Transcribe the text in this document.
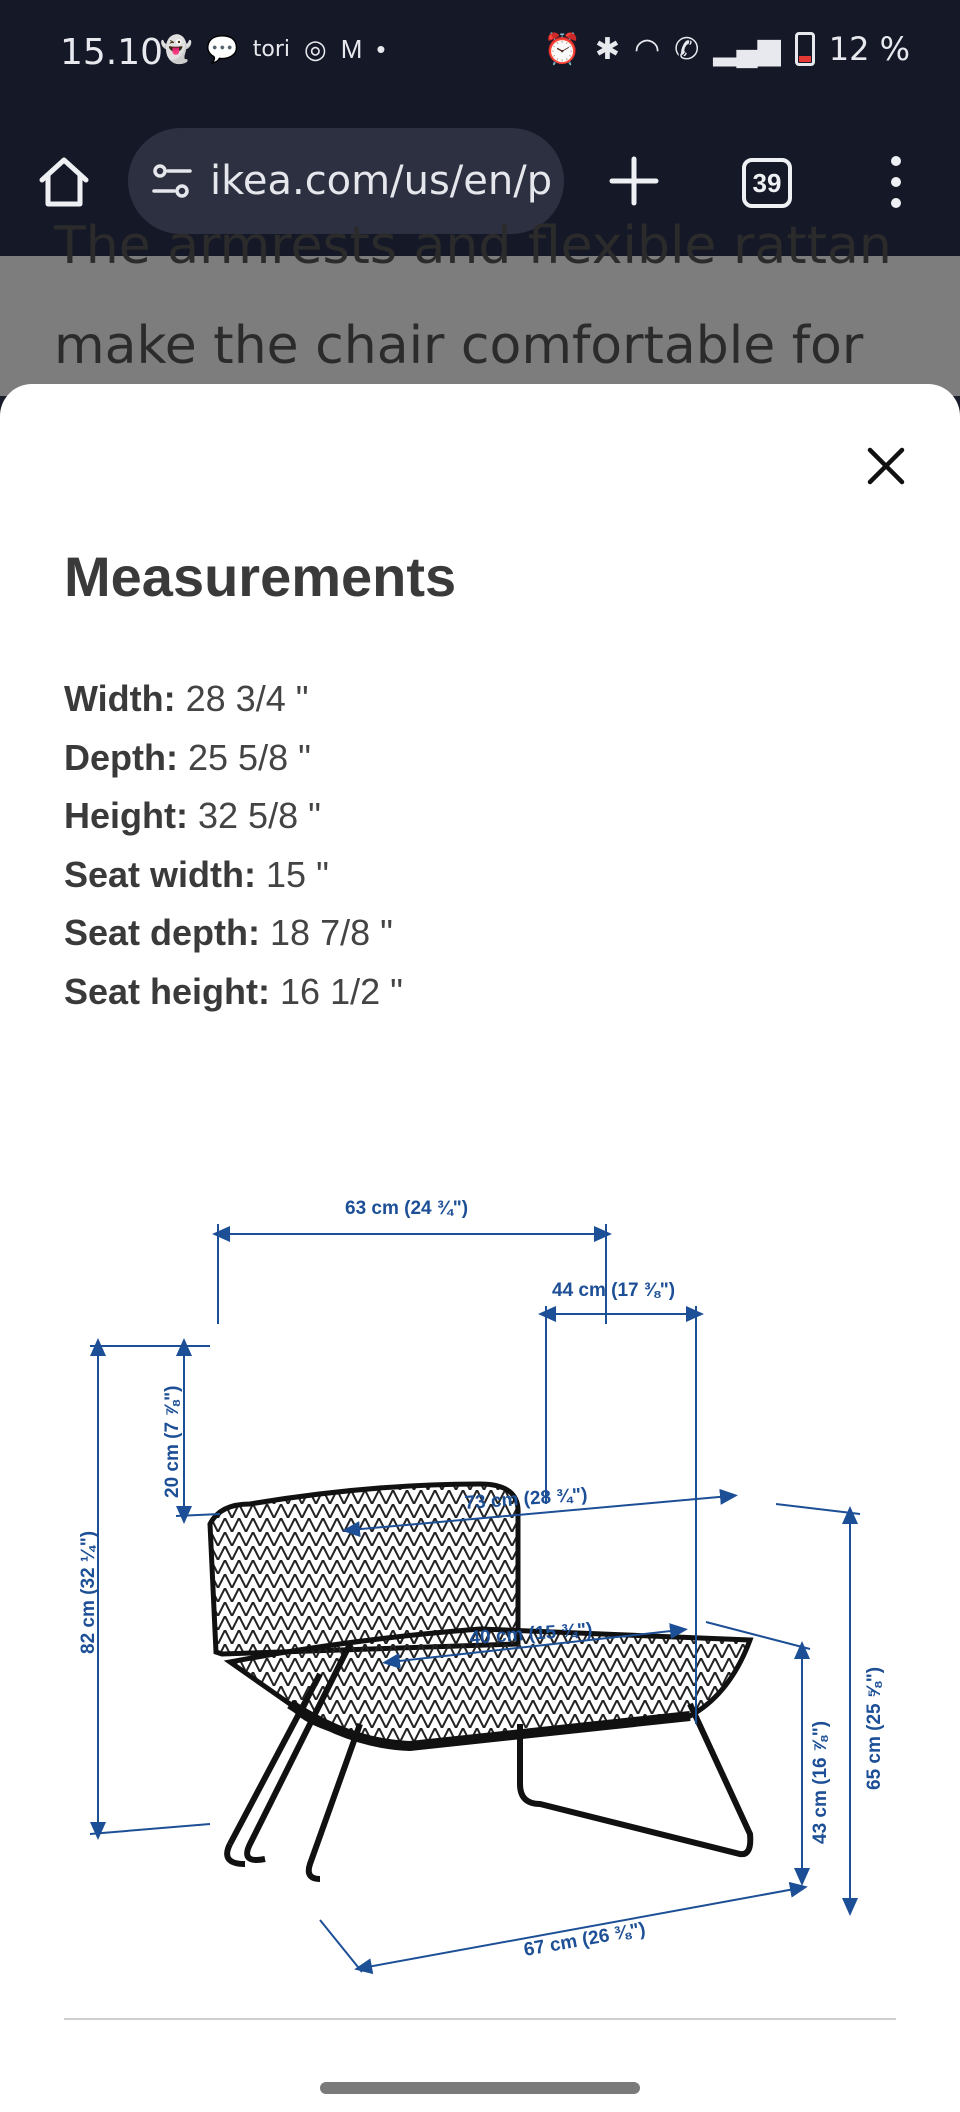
15.10
👻 💬 tori ◎ M •	⏰ ✱ ◠ ✆ ▂▄▆ 12 %
ikea.com/us/en/p	39

The armrests and flexible rattan

make the chair comfortable for

Measurements
Width: 28 3/4 "
Depth: 25 5/8 "
Height: 32 5/8 "
Seat width: 15 "
Seat depth: 18 7/8 "
Seat height: 16 1/2 "
63 cm (24 ¾")
44 cm (17 ⅜")
82 cm (32 ¼")
20 cm (7 ⅞")
73 cm (28 ¾")
40 cm (15 ¾")
65 cm (25 ⅝")
43 cm (16 ⅞")
67 cm (26 ⅜")
